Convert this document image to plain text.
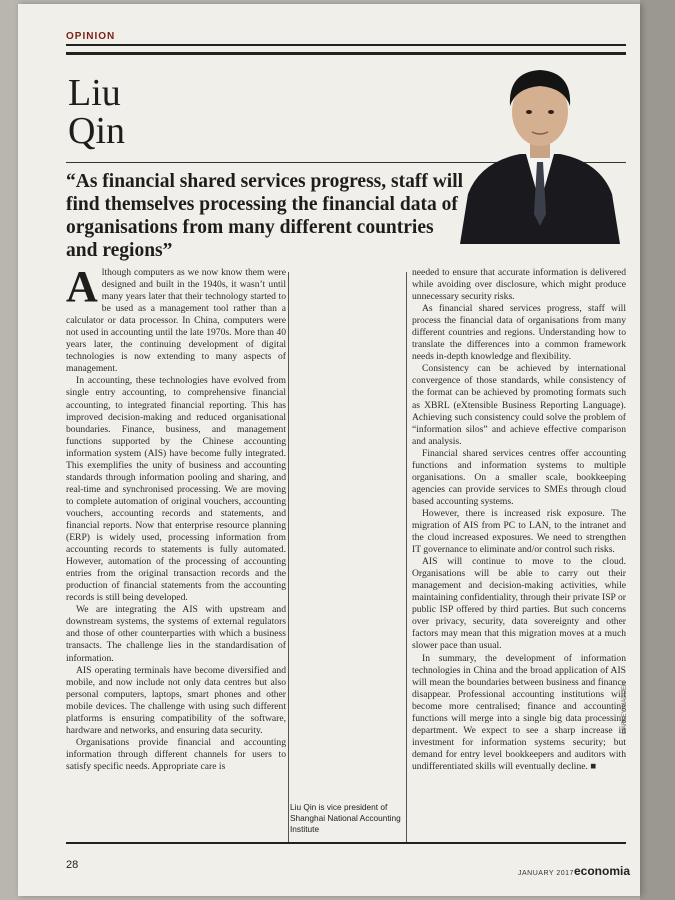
OPINION
Liu
Qin
“As financial shared services progress, staff will find themselves processing the financial data of organisations from many different countries and regions”

Although computers as we now know them were designed and built in the 1940s, it wasn’t until many years later that their technology started to be used as a management tool rather than a calculator or data processor. In China, computers were not used in accounting until the late 1970s. More than 40 years later, the continuing development of digital technologies is now extending to many aspects of management.

In accounting, these technologies have evolved from single entry accounting, to comprehensive financial accounting, to integrated financial reporting. This has improved decision-making and reduced organisational boundaries. Finance, business, and management functions supported by the Chinese accounting information system (AIS) have become fully integrated. This exemplifies the unity of business and accounting standards through information pooling and sharing, and real-time and synchronised processing. We are moving to complete automation of original vouchers, accounting vouchers, accounting records and statements, and financial reports. Now that enterprise resource planning (ERP) is widely used, processing information from accounting records to statements is fully automated. However, automation of the processing of accounting entries from the original transaction records and the production of financial statements from the accounting records is still being developed.

We are integrating the AIS with upstream and downstream systems, the systems of external regulators and those of other counterparties with which a business transacts. The challenge lies in the standardisation of information.

AIS operating terminals have become diversified and mobile, and now include not only data centres but also personal computers, laptops, smart phones and other mobile devices. The challenge with using such different platforms is ensuring compatibility of the software, hardware and networks, and ensuring data security.

Organisations provide financial and accounting information through different channels for users to satisfy specific needs. Appropriate care is

Liu Qin is vice president of Shanghai National Accounting Institute

needed to ensure that accurate information is delivered while avoiding over disclosure, which might produce unnecessary security risks.

As financial shared services progress, staff will process the financial data of organisations from many different countries and regions. Understanding how to translate the differences into a common framework needs in-depth knowledge and flexibility.

Consistency can be achieved by international convergence of those standards, while consistency of the format can be achieved by promoting formats such as XBRL (eXtensible Business Reporting Language). Achieving such consistency could solve the problem of “information silos” and achieve effective comparison and analysis.

Financial shared services centres offer accounting functions and information systems to multiple organisations. On a smaller scale, bookkeeping agencies can provide services to SMEs through cloud based accounting systems.

However, there is increased risk exposure. The migration of AIS from PC to LAN, to the intranet and the cloud increased exposures. We need to strengthen IT governance to eliminate and/or control such risks.

AIS will continue to move to the cloud. Organisations will be able to carry out their management and decision-making activities, while maintaining confidentiality, through their private ISP or public ISP offered by third parties. But such concerns over privacy, security, data sovereignty and other factors may mean that this migration moves at a much slower pace than usual.

In summary, the development of information technologies in China and the broad application of AIS will mean the boundaries between business and finance disappear. Professional accounting institutions will become more centralised; finance and accounting functions will merge into a single big data processing department. We expect to see a sharp increase in investment for information systems security; but demand for entry level bookkeepers and auditors with undifferentiated skills will eventually decline. ■

28
JANUARY 2017 economia
MARLEY MADDEN
